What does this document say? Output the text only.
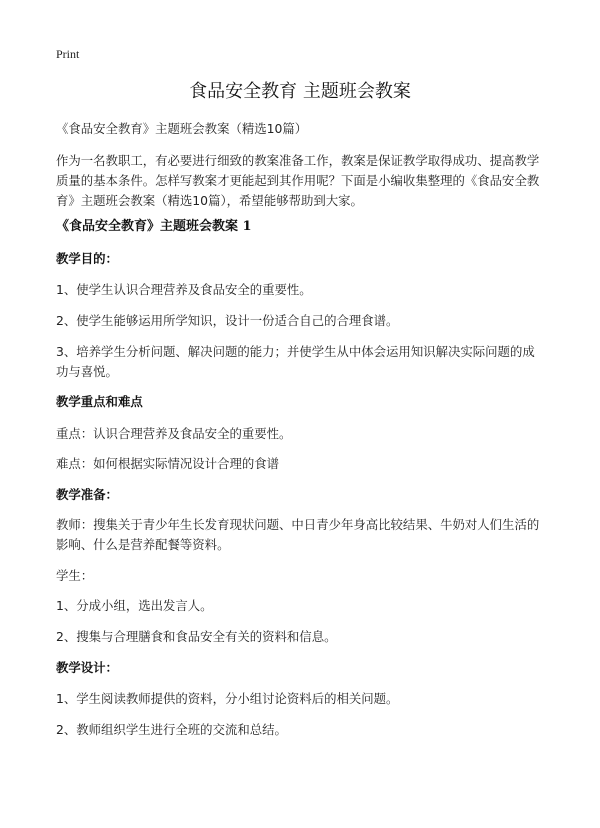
Print
食品安全教育 主题班会教案
《食品安全教育》主题班会教案（精选10篇）

作为一名教职工，有必要进行细致的教案准备工作，教案是保证教学取得成功、提高教学质量的基本条件。怎样写教案才更能起到其作用呢？下面是小编收集整理的《食品安全教育》主题班会教案（精选10篇），希望能够帮助到大家。

《食品安全教育》主题班会教案 1
教学目的：
1、使学生认识合理营养及食品安全的重要性。
2、使学生能够运用所学知识，设计一份适合自己的合理食谱。
3、培养学生分析问题、解决问题的能力；并使学生从中体会运用知识解决实际问题的成功与喜悦。
教学重点和难点
重点：认识合理营养及食品安全的重要性。
难点：如何根据实际情况设计合理的食谱
教学准备：
教师：搜集关于青少年生长发育现状问题、中日青少年身高比较结果、牛奶对人们生活的影响、什么是营养配餐等资料。
学生：
1、分成小组，选出发言人。
2、搜集与合理膳食和食品安全有关的资料和信息。
教学设计：
1、学生阅读教师提供的资料，分小组讨论资料后的相关问题。
2、教师组织学生进行全班的交流和总结。
